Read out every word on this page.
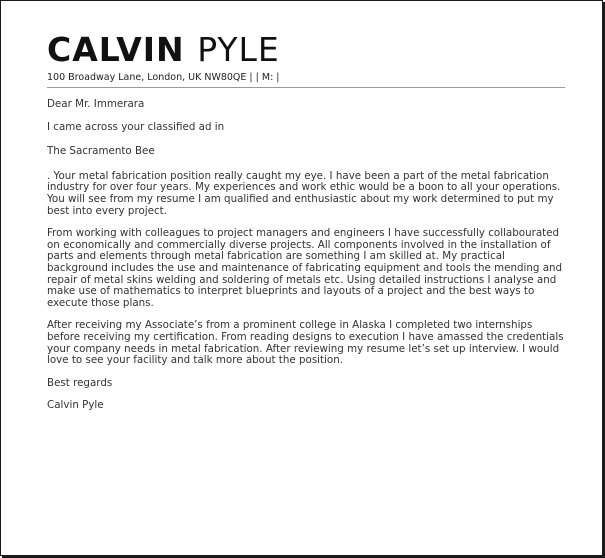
CALVIN PYLE
100 Broadway Lane, London, UK NW80QE | | M: |

Dear Mr. Immerara

I came across your classified ad in

The Sacramento Bee

. Your metal fabrication position really caught my eye. I have been a part of the metal fabrication industry for over four years. My experiences and work ethic would be a boon to all your operations. You will see from my resume I am qualified and enthusiastic about my work determined to put my best into every project.

From working with colleagues to project managers and engineers I have successfully collabourated on economically and commercially diverse projects. All components involved in the installation of parts and elements through metal fabrication are something I am skilled at. My practical background includes the use and maintenance of fabricating equipment and tools the mending and repair of metal skins welding and soldering of metals etc. Using detailed instructions I analyse and make use of mathematics to interpret blueprints and layouts of a project and the best ways to execute those plans.

After receiving my Associate’s from a prominent college in Alaska I completed two internships before receiving my certification. From reading designs to execution I have amassed the credentials your company needs in metal fabrication. After reviewing my resume let’s set up interview. I would love to see your facility and talk more about the position.

Best regards

Calvin Pyle
